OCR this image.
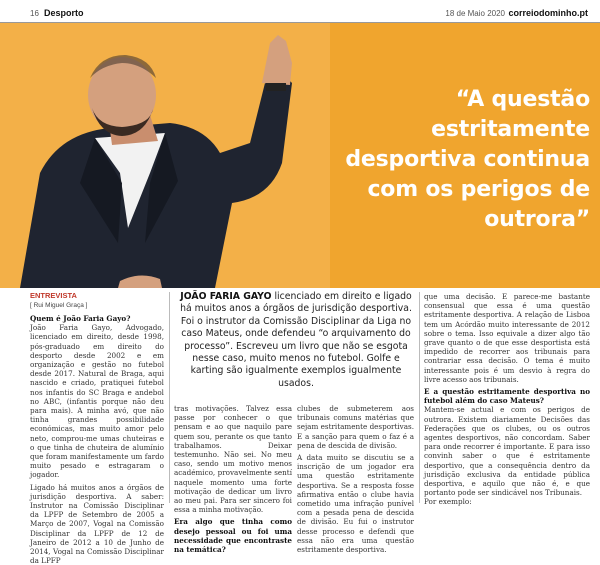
16 Desporto	18 de Maio 2020 correiodominho.pt
“A questão estritamente desportiva continua com os perigos de outrora”
ENTREVISTA
[ Rui Miguel Graça ]
JOÃO FARIA GAYO licenciado em direito e ligado há muitos anos a órgãos de jurisdição desportiva. Foi o instrutor da Comissão Disciplinar da Liga no caso Mateus, onde defendeu “o arquivamento do processo”. Escreveu um livro que não se esgota nesse caso, muito menos no futebol. Golfe e karting são igualmente exemplos igualmente usados.
Quem é João Faria Gayo?
João Faria Gayo, Advogado, licenciado em direito, desde 1998, pós-graduado em direito do desporto desde 2002 e em organização e gestão no futebol desde 2017. Natural de Braga, aqui nascido e criado, pratiquei futebol nos infantis do SC Braga e andebol no ABC, (infantis porque não deu para mais). A minha avó, que não tinha grandes possibilidade económicas, mas muito amor pelo neto, comprou-me umas chuteiras e o que tinha de chuteira de alumínio que foram manifestamente um fardo muito pesado e estragaram o jogador.
Ligado há muitos anos a órgãos de jurisdição desportiva. A saber: Instrutor na Comissão Disciplinar da LPFP de Setembro de 2005 a Março de 2007, Vogal na Comissão Disciplinar da LPFP de 12 de Janeiro de 2012 a 10 de Junho de 2014, Vogal na Comissão Disciplinar da LPFP
tras motivações. Talvez essa passe por conhecer o que pensam e ao que naquilo pare quem sou, perante os que tanto trabalhamos. Deixar testemunho. Não sei. No meu caso, sendo um motivo menos académico, provavelmente sentí naquele momento uma forte motivação de dedicar um livro ao meu pai. Para ser sincero foi essa a minha motivação.
Era algo que tinha como desejo pessoal ou foi uma necessidade que encontraste na temática?
clubes de submeterem aos tribunais comuns matérias que sejam estritamente desportivas. E a sanção para quem o faz é a pena de descida de divisão.
A data muito se discutiu se a inscrição de um jogador era uma questão estritamente desportiva. Se a resposta fosse afirmativa então o clube havia cometido uma infração punível com a pesada pena de descida de divisão. Eu fui o instrutor desse processo e defendi que essa não era uma questão estritamente desportiva.
que uma decisão. E parece-me bastante consensual que essa é uma questão estritamente desportiva. A relação de Lisboa tem um Acórdão muito interessante de 2012 sobre o tema. Isso equivale a dizer algo tão grave quanto o de que esse desportista está impedido de recorrer aos tribunais para contrariar essa decisão. O tema é muito interessante pois é um desvio à regra do livre acesso aos tribunais.
E a questão estritamente desportiva no futebol além do caso Mateus?
Mantem-se actual e com os perigos de outrora. Existem diariamente Decisões das Federações que os clubes, ou os outros agentes desportivos, não concordam. Saber para onde recorrer é importante. E para isso convinh saber o que é estritamente desportivo, que a consequência dentro da jurisdição exclusiva da entidade pública desportiva, e aquilo que não é, e que portanto pode ser sindicável nos Tribunais.
Por exemplo:
